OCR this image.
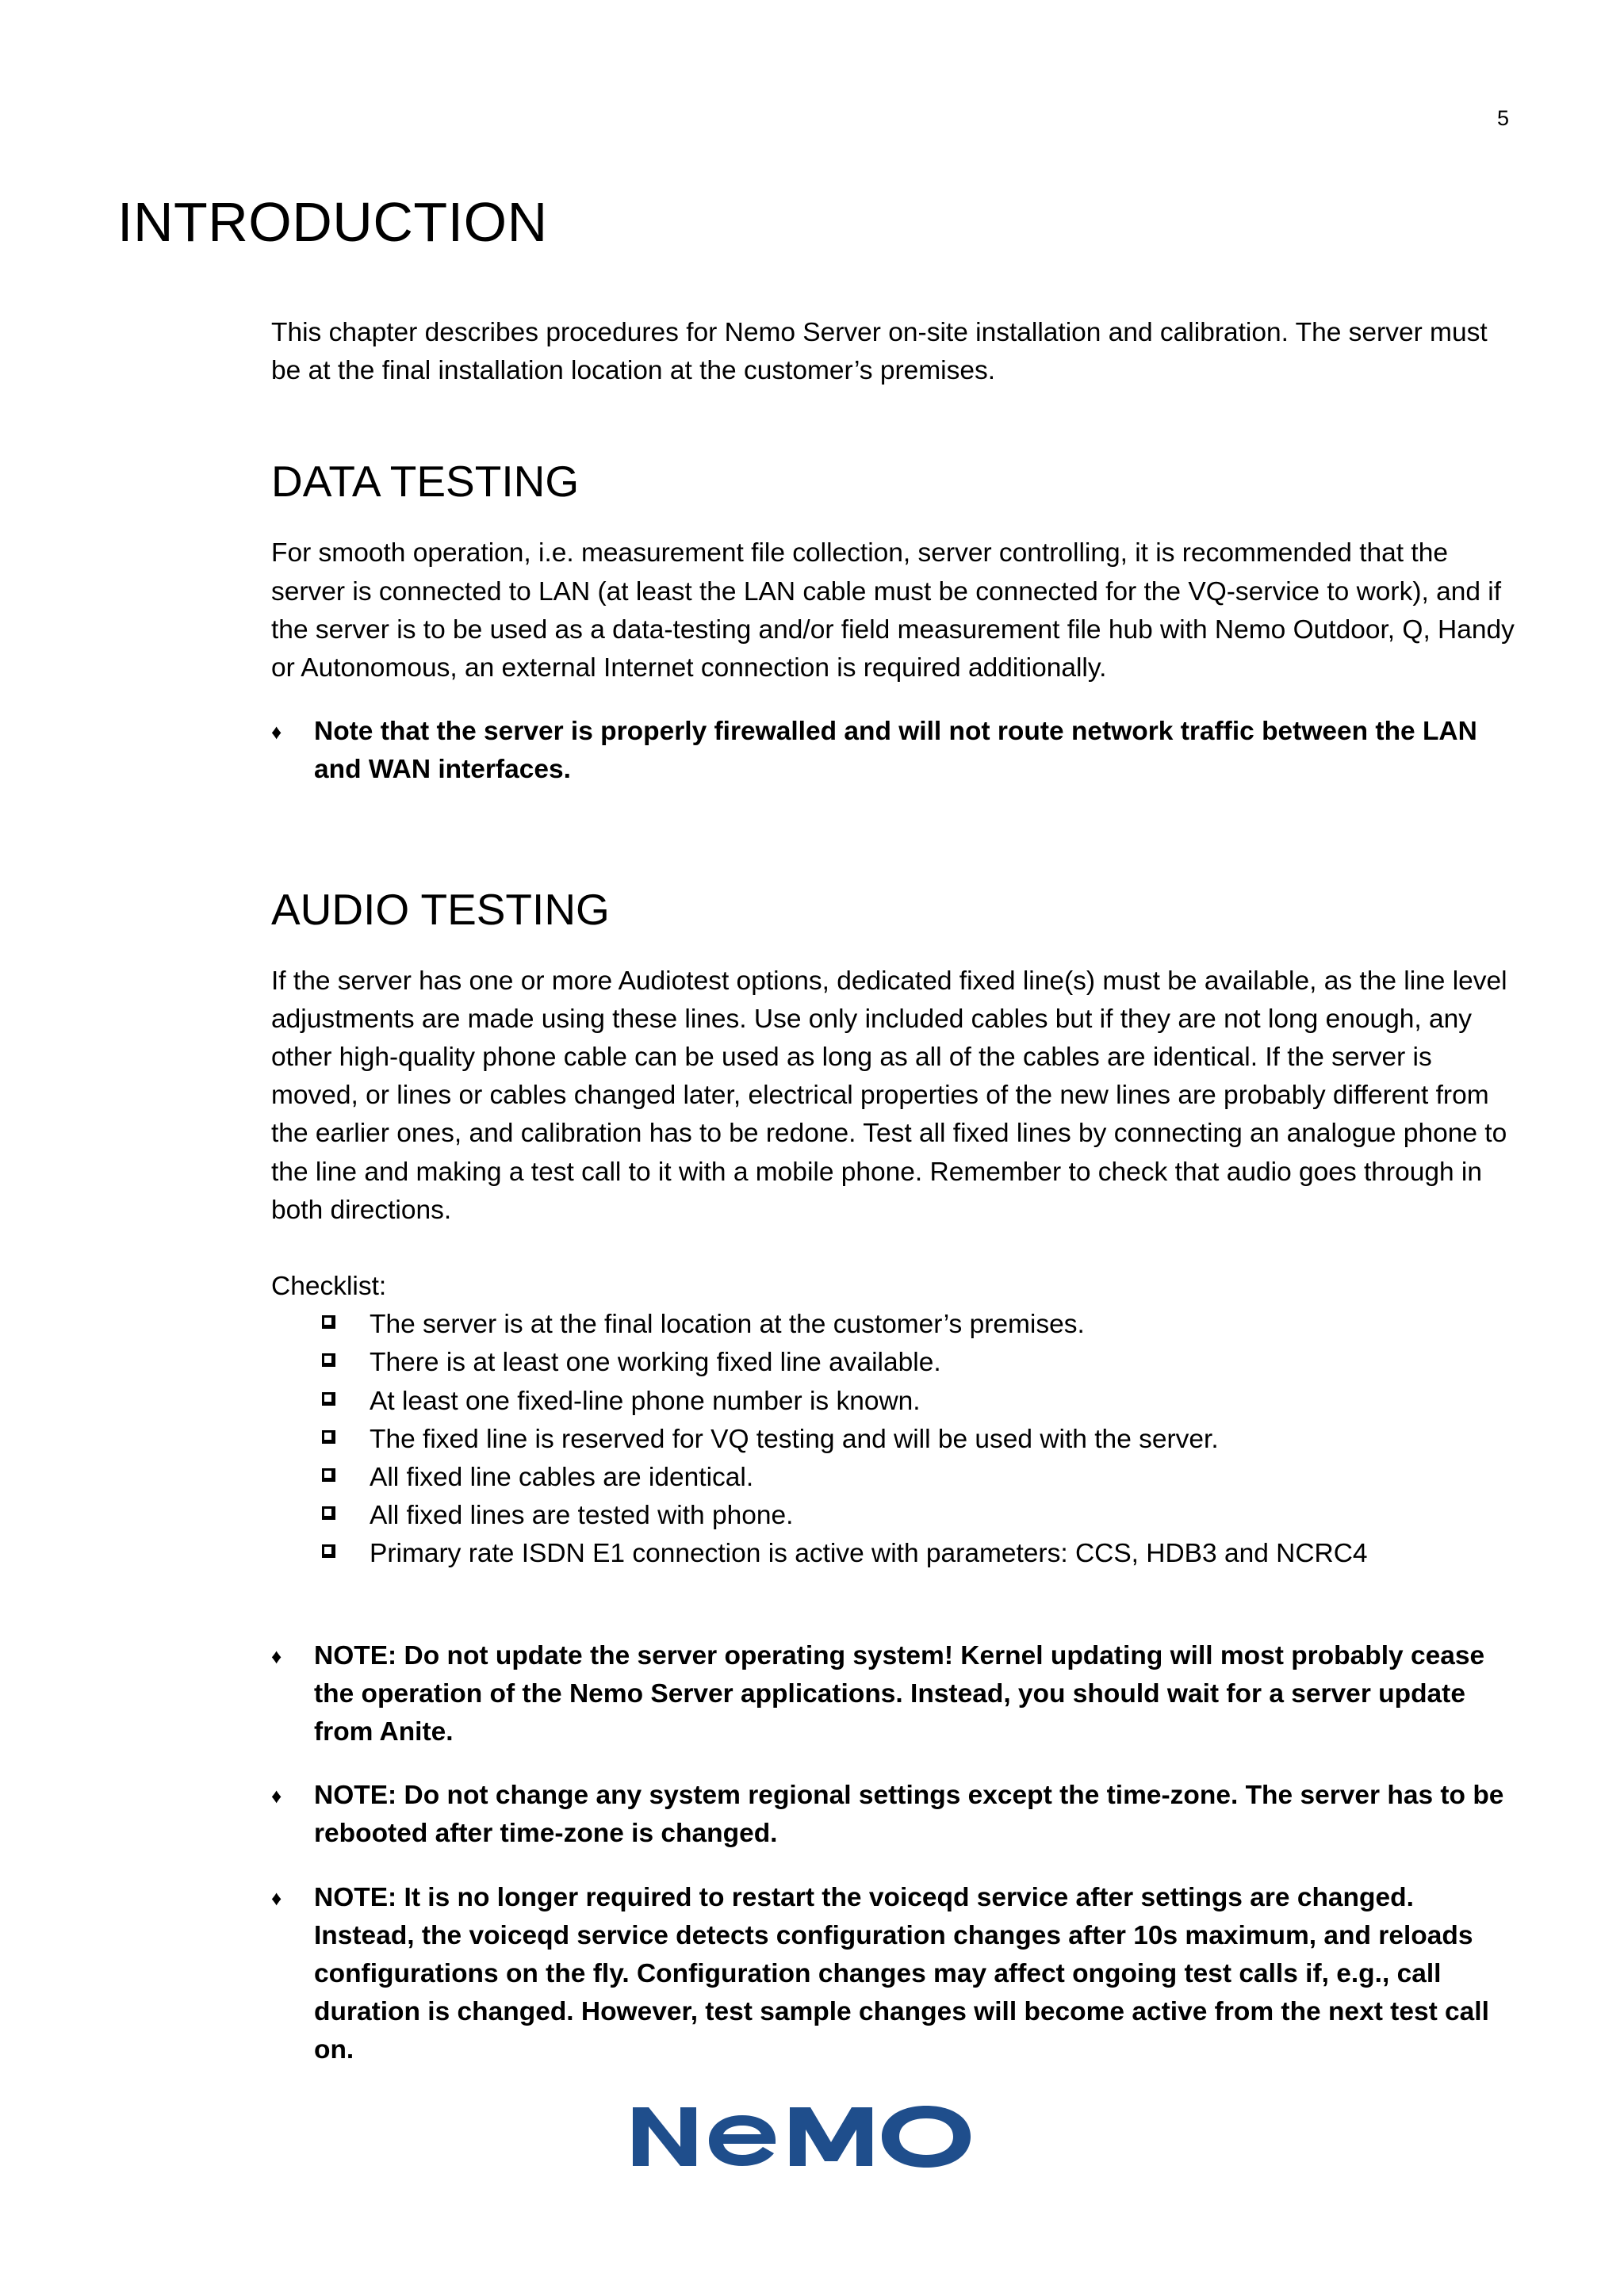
5
INTRODUCTION

This chapter describes procedures for Nemo Server on-site installation and calibration. The server must be at the final installation location at the customer’s premises.

DATA TESTING

For smooth operation, i.e. measurement file collection, server controlling, it is recommended that the server is connected to LAN (at least the LAN cable must be connected for the VQ-service to work), and if the server is to be used as a data-testing and/or field measurement file hub with Nemo Outdoor, Q, Handy or Autonomous, an external Internet connection is required additionally.

♦ Note that the server is properly firewalled and will not route network traffic between the LAN and WAN interfaces.
AUDIO TESTING

If the server has one or more Audiotest options, dedicated fixed line(s) must be available, as the line level adjustments are made using these lines. Use only included cables but if they are not long enough, any other high-quality phone cable can be used as long as all of the cables are identical. If the server is moved, or lines or cables changed later, electrical properties of the new lines are probably different from the earlier ones, and calibration has to be redone. Test all fixed lines by connecting an analogue phone to the line and making a test call to it with a mobile phone. Remember to check that audio goes through in both directions.

Checklist:

The server is at the final location at the customer’s premises.
There is at least one working fixed line available.
At least one fixed-line phone number is known.
The fixed line is reserved for VQ testing and will be used with the server.
All fixed line cables are identical.
All fixed lines are tested with phone.
Primary rate ISDN E1 connection is active with parameters: CCS, HDB3 and NCRC4
♦ NOTE: Do not update the server operating system! Kernel updating will most probably cease the operation of the Nemo Server applications. Instead, you should wait for a server update from Anite.
♦ NOTE: Do not change any system regional settings except the time-zone. The server has to be rebooted after time-zone is changed.
♦ NOTE: It is no longer required to restart the voiceqd service after settings are changed. Instead, the voiceqd service detects configuration changes after 10s maximum, and reloads configurations on the fly. Configuration changes may affect ongoing test calls if, e.g., call duration is changed. However, test sample changes will become active from the next test call on.
NeMO
